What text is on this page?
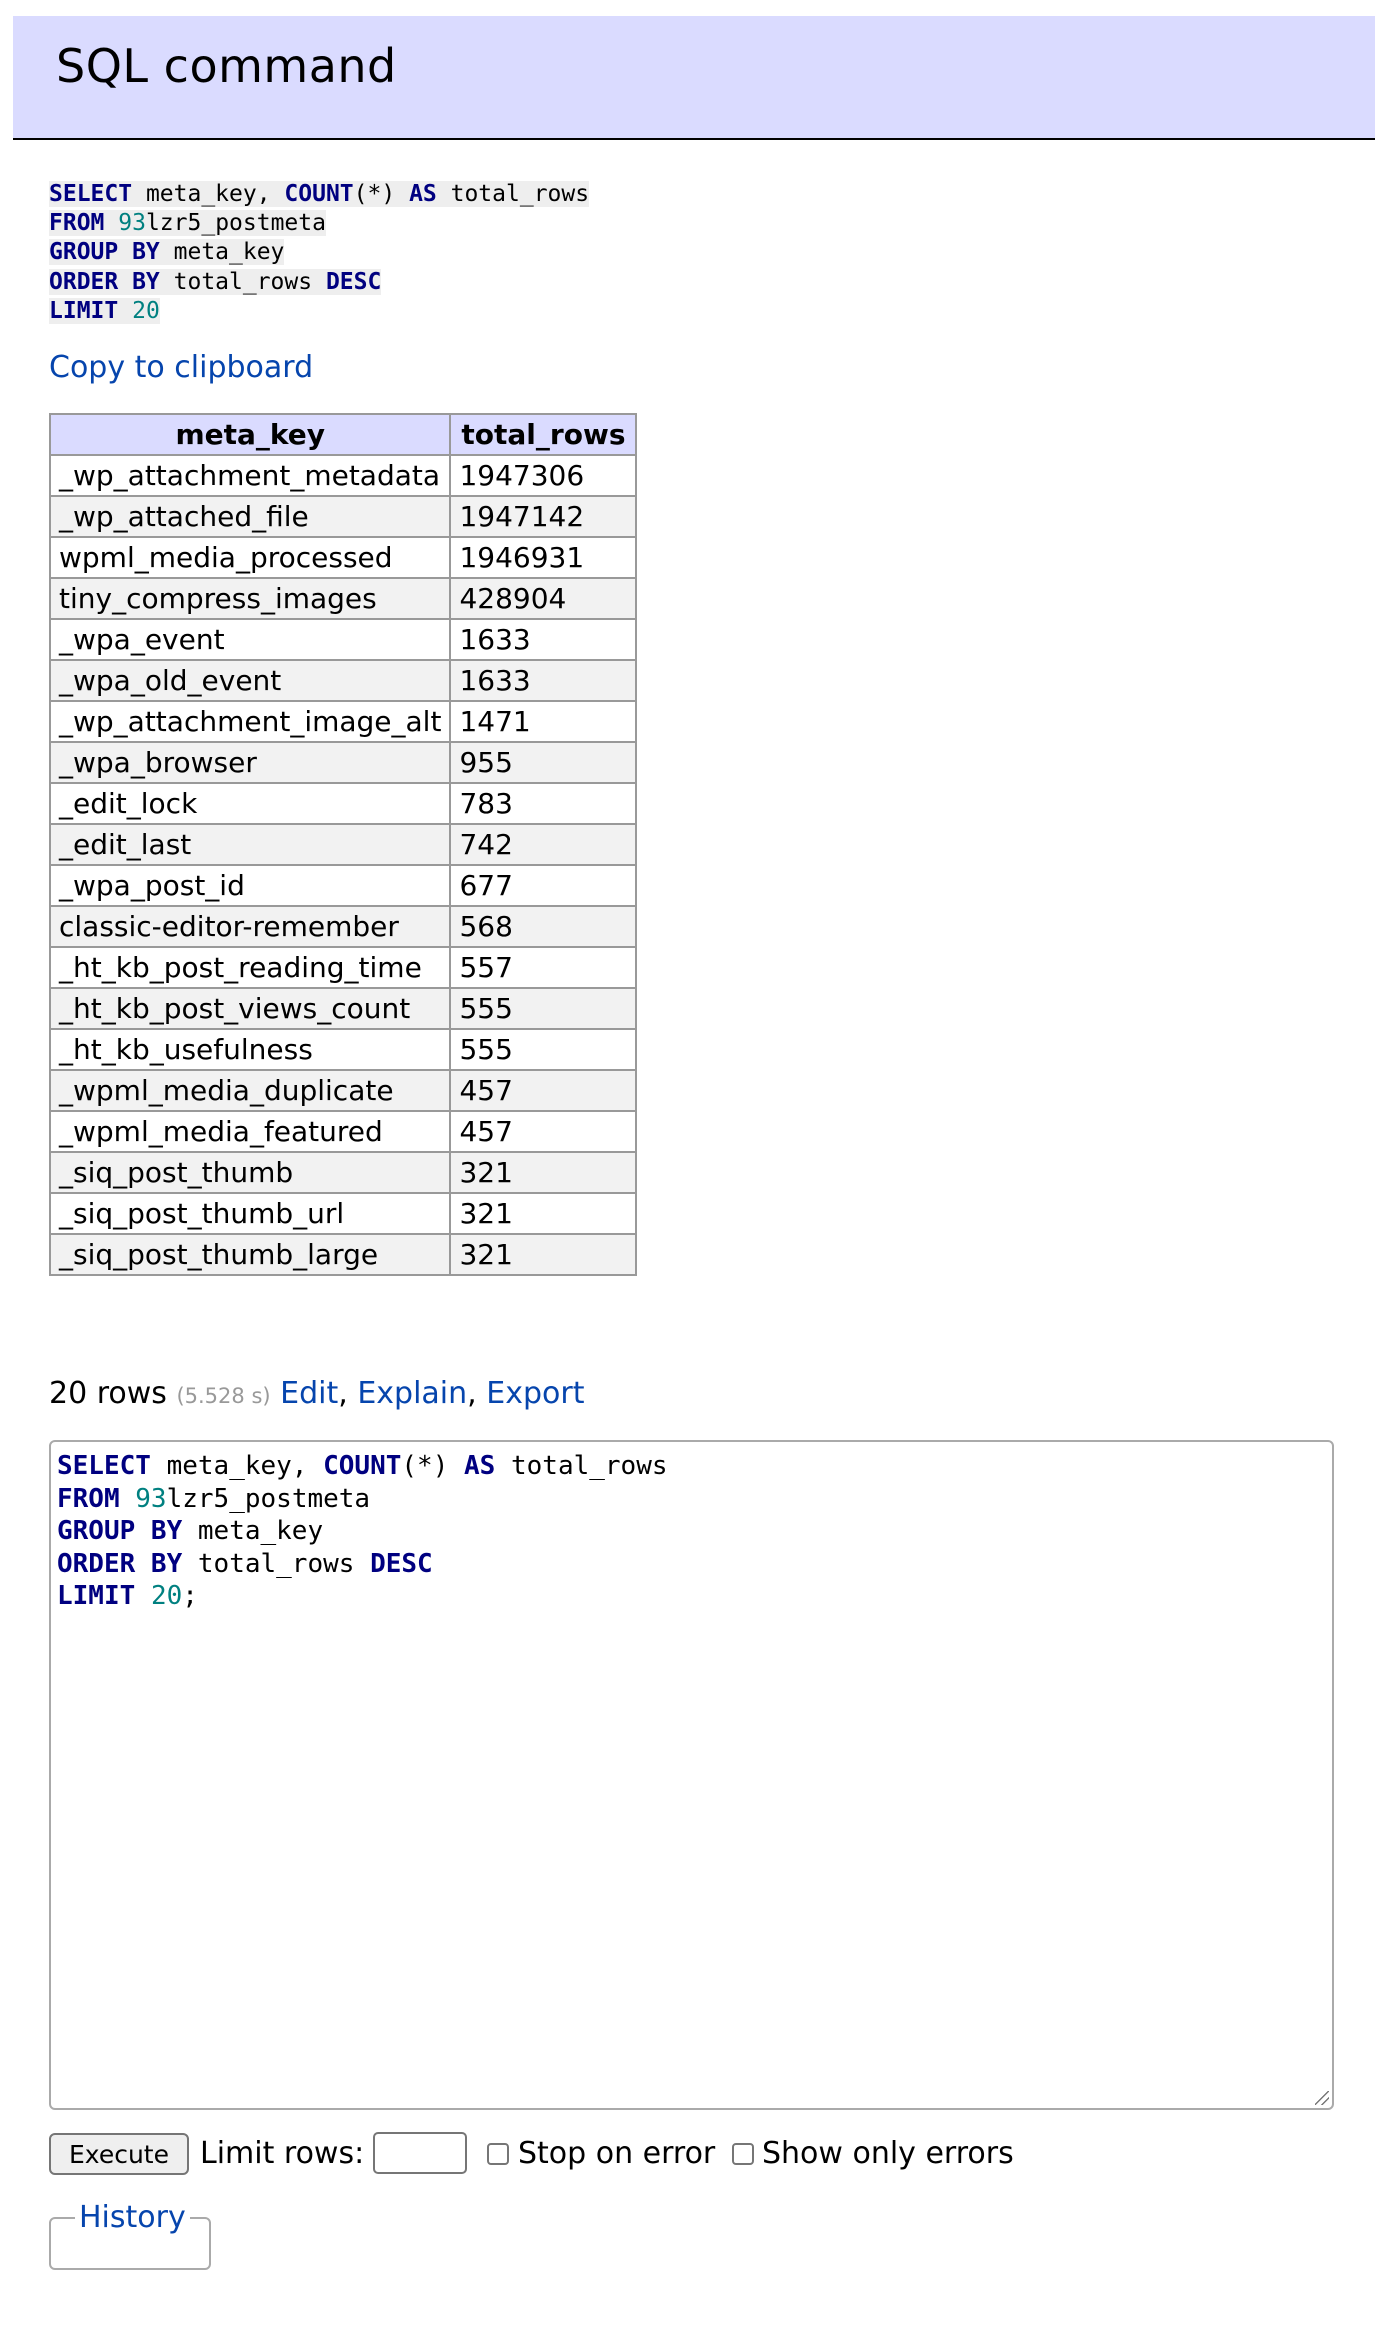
SQL command
SELECT meta_key, COUNT(*) AS total_rows
FROM 93lzr5_postmeta
GROUP BY meta_key
ORDER BY total_rows DESC
LIMIT 20
Copy to clipboard
meta_key	total_rows
_wp_attachment_metadata	1947306
_wp_attached_file	1947142
wpml_media_processed	1946931
tiny_compress_images	428904
_wpa_event	1633
_wpa_old_event	1633
_wp_attachment_image_alt	1471
_wpa_browser	955
_edit_lock	783
_edit_last	742
_wpa_post_id	677
classic-editor-remember	568
_ht_kb_post_reading_time	557
_ht_kb_post_views_count	555
_ht_kb_usefulness	555
_wpml_media_duplicate	457
_wpml_media_featured	457
_siq_post_thumb	321
_siq_post_thumb_url	321
_siq_post_thumb_large	321
20 rows (5.528 s) Edit, Explain, Export
SELECT meta_key, COUNT(*) AS total_rows
FROM 93lzr5_postmeta
GROUP BY meta_key
ORDER BY total_rows DESC
LIMIT 20;
Execute	Limit rows:	Stop on error Show only errors
History
